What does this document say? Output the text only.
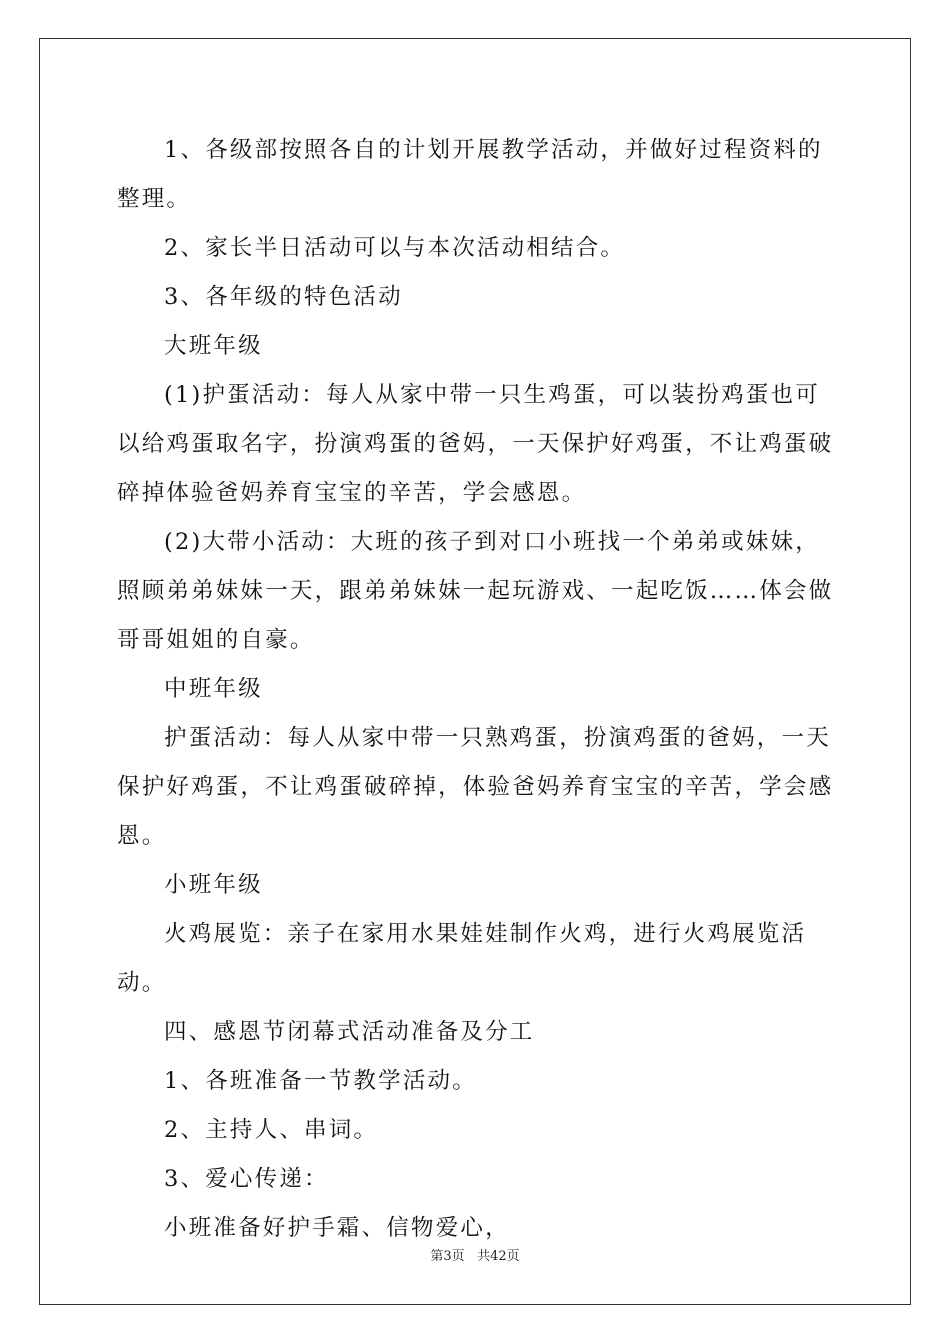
1、各级部按照各自的计划开展教学活动，并做好过程资料的整理。

2、家长半日活动可以与本次活动相结合。

3、各年级的特色活动

大班年级

(1)护蛋活动：每人从家中带一只生鸡蛋，可以装扮鸡蛋也可以给鸡蛋取名字，扮演鸡蛋的爸妈，一天保护好鸡蛋，不让鸡蛋破碎掉体验爸妈养育宝宝的辛苦，学会感恩。

(2)大带小活动：大班的孩子到对口小班找一个弟弟或妹妹，照顾弟弟妹妹一天，跟弟弟妹妹一起玩游戏、一起吃饭……体会做哥哥姐姐的自豪。

中班年级

护蛋活动：每人从家中带一只熟鸡蛋，扮演鸡蛋的爸妈，一天保护好鸡蛋，不让鸡蛋破碎掉，体验爸妈养育宝宝的辛苦，学会感恩。

小班年级

火鸡展览：亲子在家用水果娃娃制作火鸡，进行火鸡展览活动。

四、感恩节闭幕式活动准备及分工

1、各班准备一节教学活动。

2、主持人、串词。

3、爱心传递：

小班准备好护手霜、信物爱心，

第3页 共42页
